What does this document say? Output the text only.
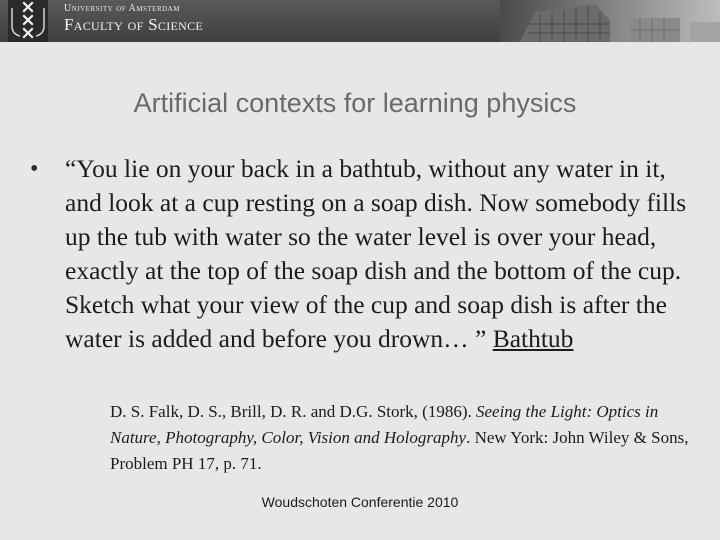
University of Amsterdam
Faculty of Science
Artificial contexts for learning physics
• “You lie on your back in a bathtub, without any water in it, and look at a cup resting on a soap dish. Now somebody fills up the tub with water so the water level is over your head, exactly at the top of the soap dish and the bottom of the cup. Sketch what your view of the cup and soap dish is after the water is added and before you drown… ” Bathtub
D. S. Falk, D. S., Brill, D. R. and D.G. Stork, (1986). Seeing the Light: Optics in Nature, Photography, Color, Vision and Holography. New York: John Wiley & Sons, Problem PH 17, p. 71.
Woudschoten Conferentie 2010
